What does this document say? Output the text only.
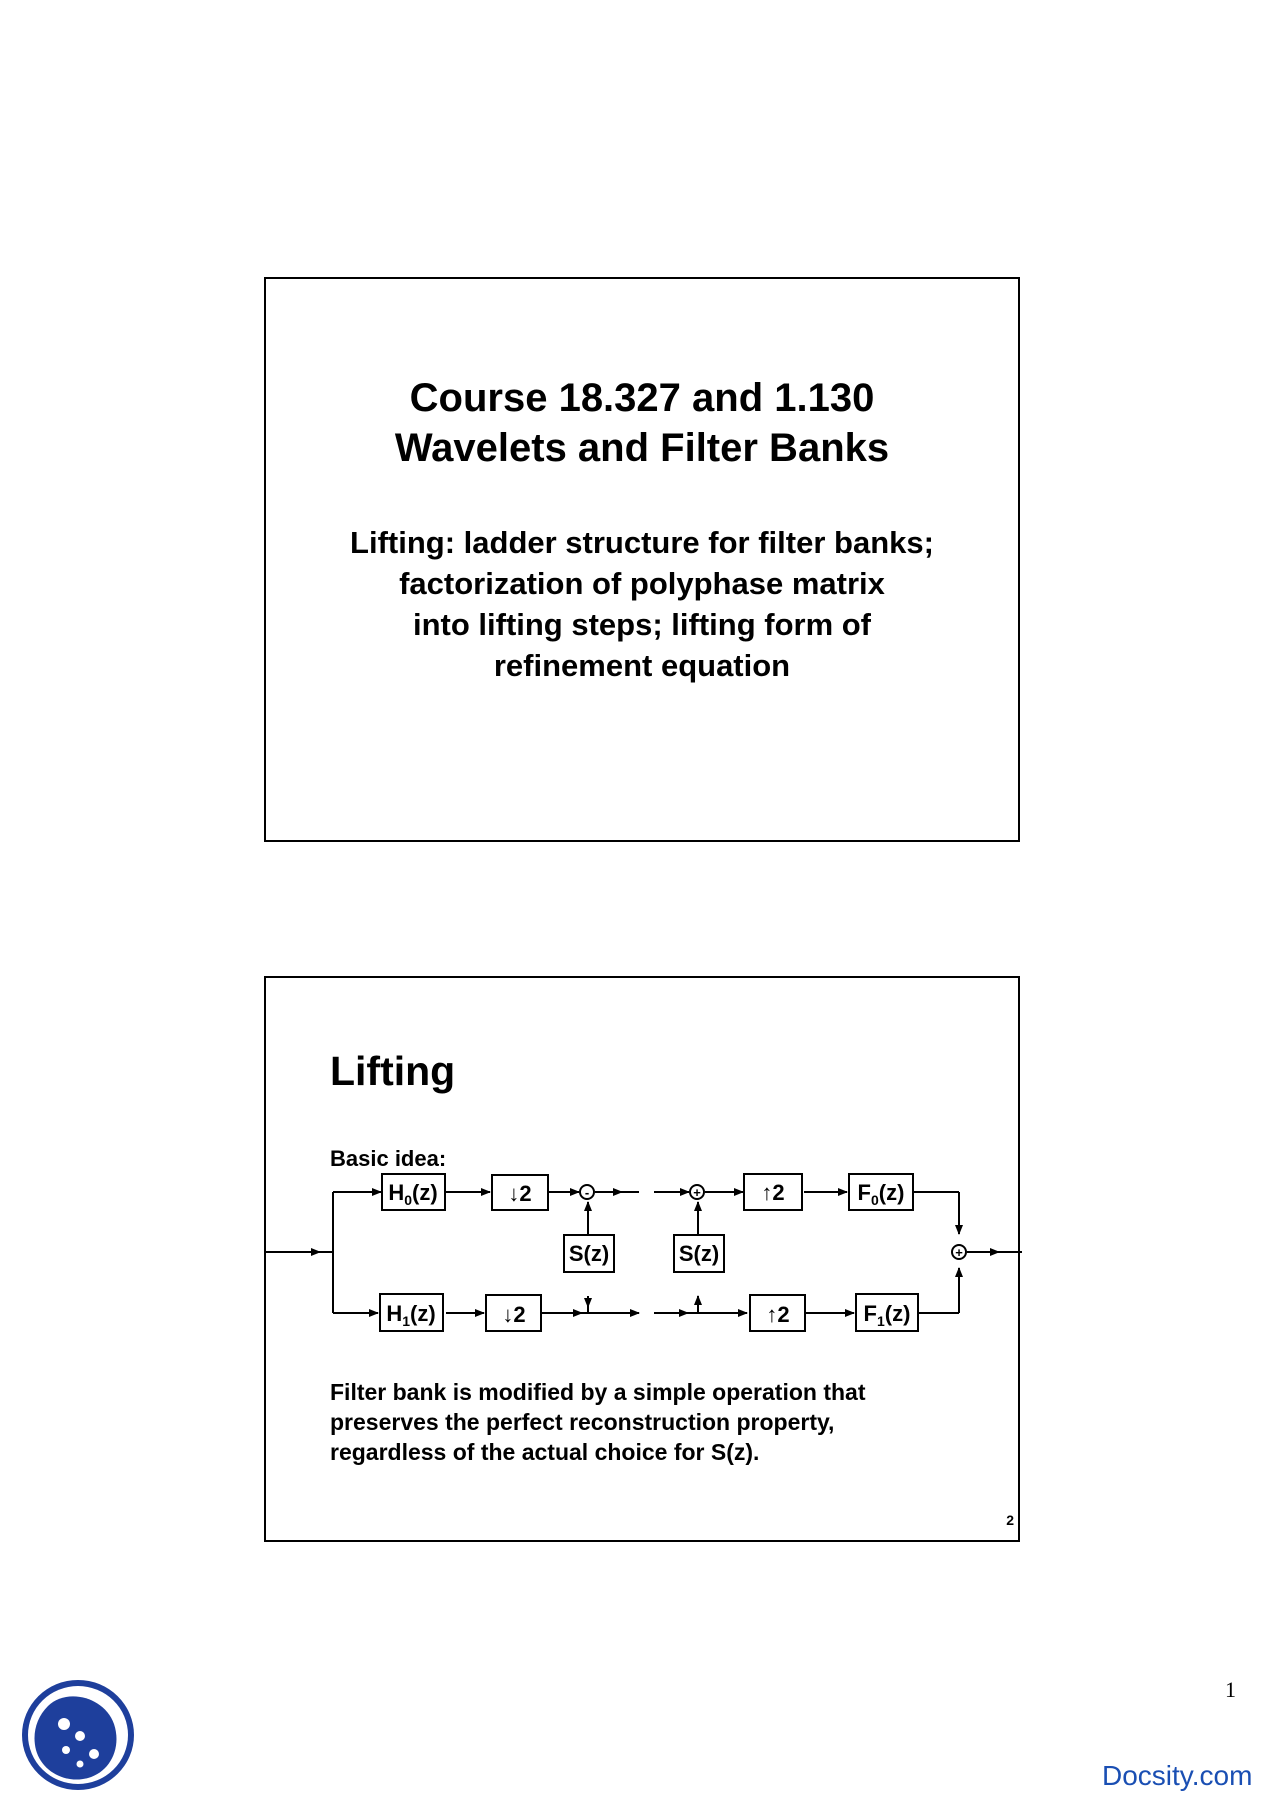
Course 18.327 and 1.130
Wavelets and Filter Banks
Lifting: ladder structure for filter banks;
factorization of polyphase matrix
into lifting steps; lifting form of
refinement equation
Lifting
Basic idea:
Filter bank is modified by a simple operation that
preserves the perfect reconstruction property,
regardless of the actual choice for S(z).
2
$H_0(z)$	↓2
S(z)	S(z)
↑2	$F_0(z)$
$H_1(z)$	↓2	↑2	$F_1(z)$
-	+
+
1
Docsity.com
